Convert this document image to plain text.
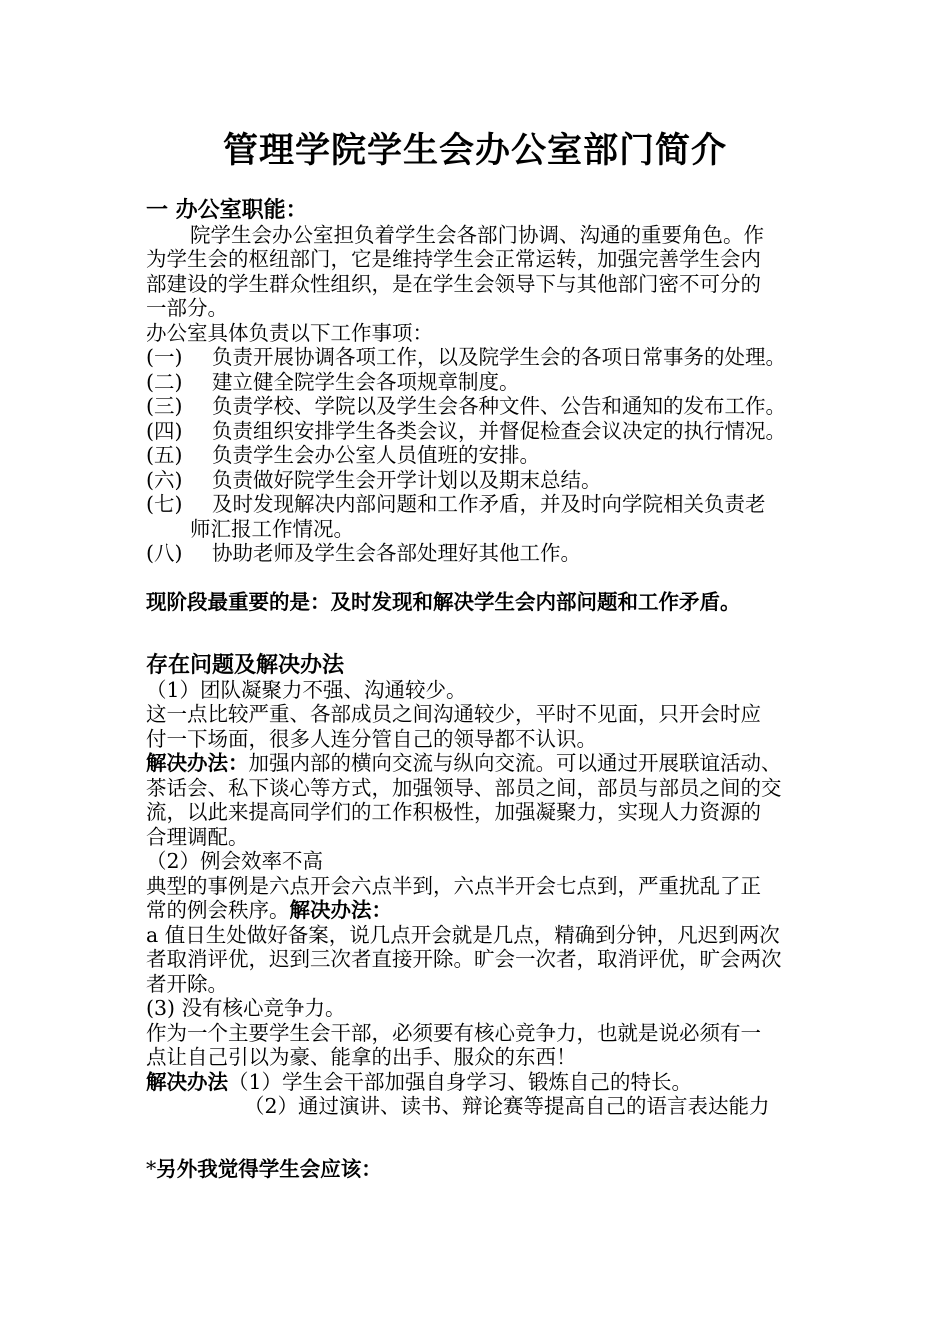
管理学院学生会办公室部门简介
一 办公室职能：
院学生会办公室担负着学生会各部门协调、沟通的重要角色。作
为学生会的枢纽部门，它是维持学生会正常运转，加强完善学生会内
部建设的学生群众性组织，是在学生会领导下与其他部门密不可分的
一部分。
办公室具体负责以下工作事项：
(一)	负责开展协调各项工作，以及院学生会的各项日常事务的处理。
(二)	建立健全院学生会各项规章制度。
(三)	负责学校、学院以及学生会各种文件、公告和通知的发布工作。
(四)	负责组织安排学生各类会议，并督促检查会议决定的执行情况。
(五)	负责学生会办公室人员值班的安排。
(六)	负责做好院学生会开学计划以及期末总结。
(七)	及时发现解决内部问题和工作矛盾，并及时向学院相关负责老
师汇报工作情况。
(八)	协助老师及学生会各部处理好其他工作。
现阶段最重要的是：及时发现和解决学生会内部问题和工作矛盾。
存在问题及解决办法
（1）团队凝聚力不强、沟通较少。
这一点比较严重、各部成员之间沟通较少，平时不见面，只开会时应
付一下场面，很多人连分管自己的领导都不认识。
解决办法：加强内部的横向交流与纵向交流。可以通过开展联谊活动、
茶话会、私下谈心等方式，加强领导、部员之间，部员与部员之间的交
流，以此来提高同学们的工作积极性，加强凝聚力，实现人力资源的
合理调配。
（2）例会效率不高
典型的事例是六点开会六点半到，六点半开会七点到，严重扰乱了正
常的例会秩序。解决办法：
a 值日生处做好备案，说几点开会就是几点，精确到分钟，凡迟到两次
者取消评优，迟到三次者直接开除。旷会一次者，取消评优，旷会两次
者开除。
(3) 没有核心竞争力。
作为一个主要学生会干部，必须要有核心竞争力，也就是说必须有一
点让自己引以为豪、能拿的出手、服众的东西！
解决办法（1）学生会干部加强自身学习、锻炼自己的特长。
（2）通过演讲、读书、辩论赛等提高自己的语言表达能力
*另外我觉得学生会应该：
